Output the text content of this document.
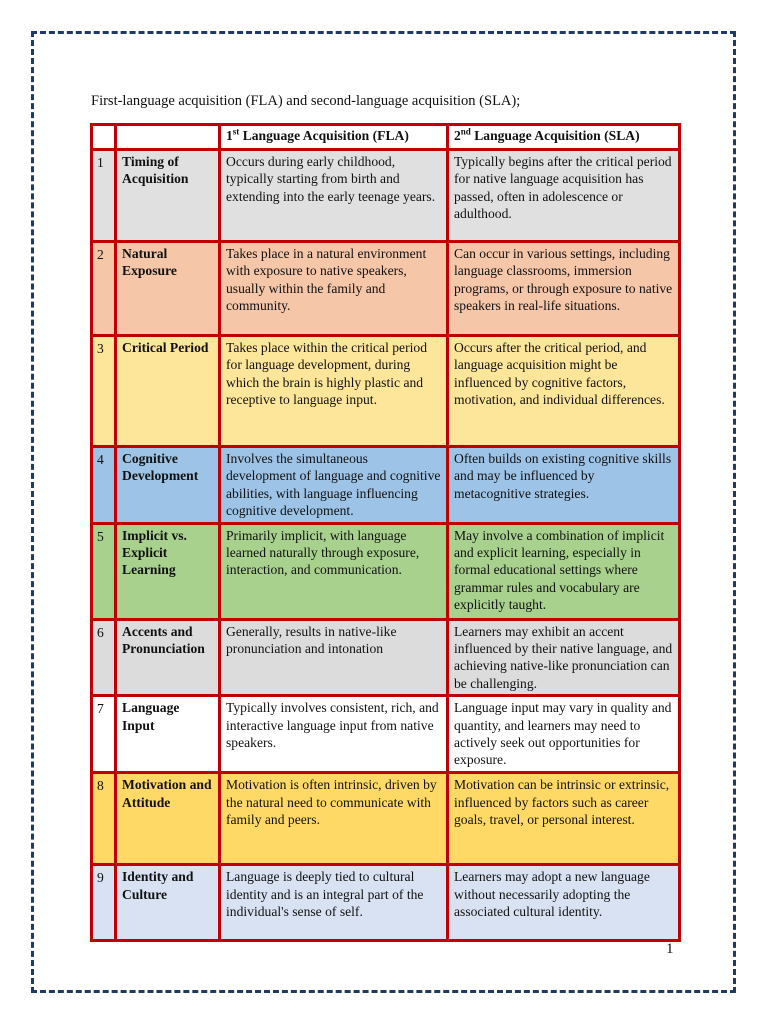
First-language acquisition (FLA) and second-language acquisition (SLA);

		1st Language Acquisition (FLA)	2nd Language Acquisition (SLA)
1	Timing of Acquisition	Occurs during early childhood, typically starting from birth and extending into the early teenage years.	Typically begins after the critical period for native language acquisition has passed, often in adolescence or adulthood.
2	Natural Exposure	Takes place in a natural environment with exposure to native speakers, usually within the family and community.	Can occur in various settings, including language classrooms, immersion programs, or through exposure to native speakers in real-life situations.
3	Critical Period	Takes place within the critical period for language development, during which the brain is highly plastic and receptive to language input.	Occurs after the critical period, and language acquisition might be influenced by cognitive factors, motivation, and individual differences.
4	Cognitive Development	Involves the simultaneous development of language and cognitive abilities, with language influencing cognitive development.	Often builds on existing cognitive skills and may be influenced by metacognitive strategies.
5	Implicit vs. Explicit Learning	Primarily implicit, with language learned naturally through exposure, interaction, and communication.	May involve a combination of implicit and explicit learning, especially in formal educational settings where grammar rules and vocabulary are explicitly taught.
6	Accents and Pronunciation	Generally, results in native-like pronunciation and intonation	Learners may exhibit an accent influenced by their native language, and achieving native-like pronunciation can be challenging.
7	Language Input	Typically involves consistent, rich, and interactive language input from native speakers.	Language input may vary in quality and quantity, and learners may need to actively seek out opportunities for exposure.
8	Motivation and Attitude	Motivation is often intrinsic, driven by the natural need to communicate with family and peers.	Motivation can be intrinsic or extrinsic, influenced by factors such as career goals, travel, or personal interest.
9	Identity and Culture	Language is deeply tied to cultural identity and is an integral part of the individual's sense of self.	Learners may adopt a new language without necessarily adopting the associated cultural identity.

1
